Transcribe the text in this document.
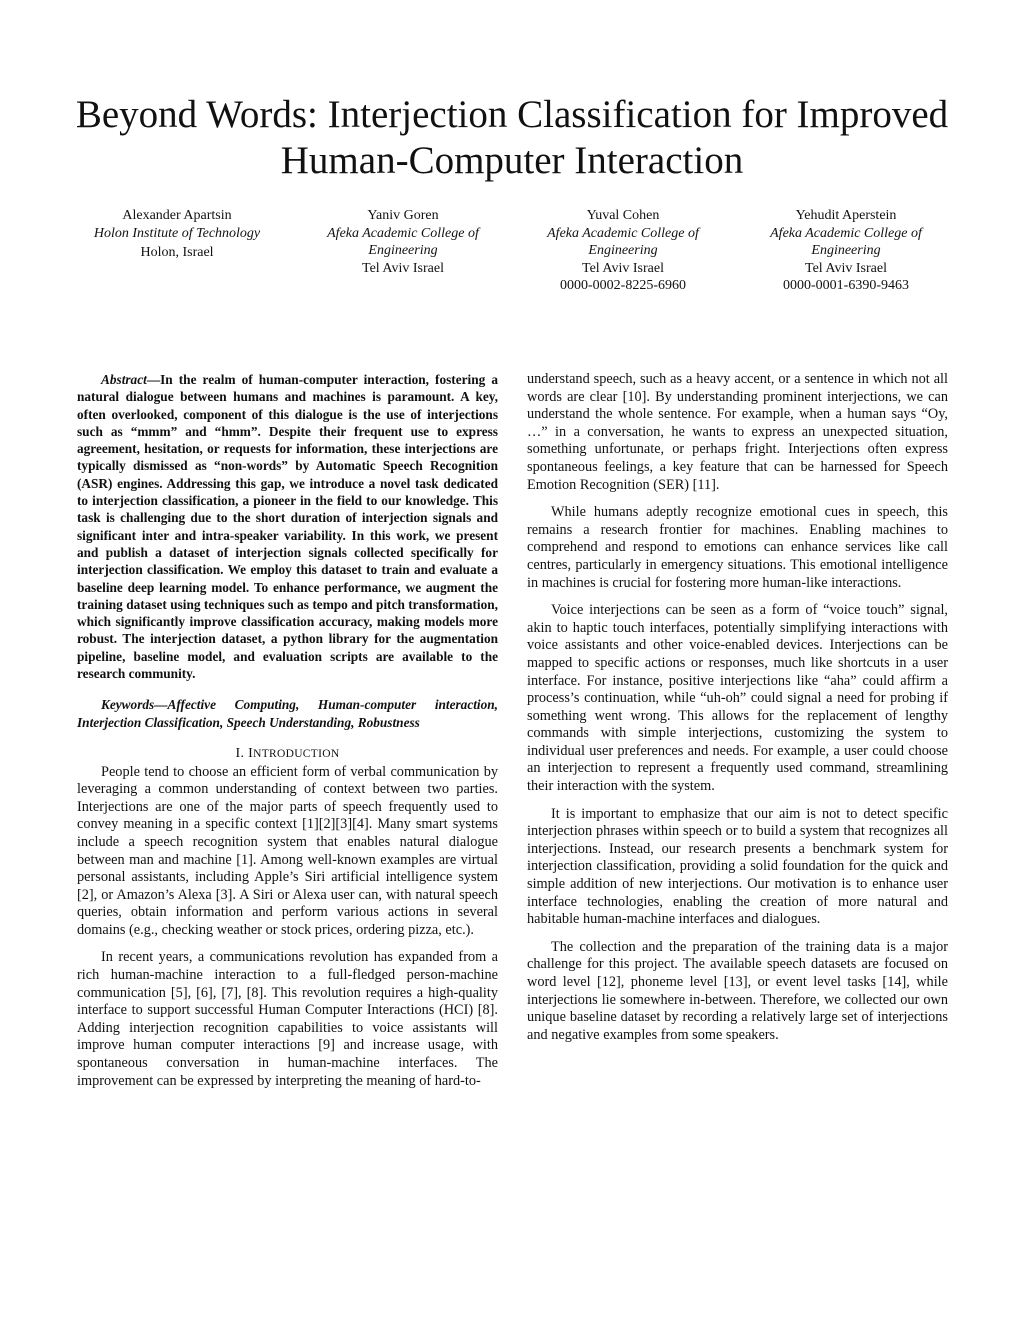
Beyond Words: Interjection Classification for Improved Human-Computer Interaction
Alexander Apartsin
Holon Institute of Technology
Holon, Israel
Yaniv Goren
Afeka Academic College of
Engineering
Tel Aviv Israel
Yuval Cohen
Afeka Academic College of
Engineering
Tel Aviv Israel
0000-0002-8225-6960
Yehudit Aperstein
Afeka Academic College of
Engineering
Tel Aviv Israel
0000-0001-6390-9463

Abstract—In the realm of human-computer interaction, fostering a natural dialogue between humans and machines is paramount. A key, often overlooked, component of this dialogue is the use of interjections such as “mmm” and “hmm”. Despite their frequent use to express agreement, hesitation, or requests for information, these interjections are typically dismissed as “non-words” by Automatic Speech Recognition (ASR) engines. Addressing this gap, we introduce a novel task dedicated to interjection classification, a pioneer in the field to our knowledge. This task is challenging due to the short duration of interjection signals and significant inter and intra-speaker variability. In this work, we present and publish a dataset of interjection signals collected specifically for interjection classification. We employ this dataset to train and evaluate a baseline deep learning model. To enhance performance, we augment the training dataset using techniques such as tempo and pitch transformation, which significantly improve classification accuracy, making models more robust. The interjection dataset, a python library for the augmentation pipeline, baseline model, and evaluation scripts are available to the research community.

Keywords—Affective Computing, Human-computer interaction, Interjection Classification, Speech Understanding, Robustness

I. INTRODUCTION

People tend to choose an efficient form of verbal communication by leveraging a common understanding of context between two parties. Interjections are one of the major parts of speech frequently used to convey meaning in a specific context [1][2][3][4]. Many smart systems include a speech recognition system that enables natural dialogue between man and machine [1]. Among well-known examples are virtual personal assistants, including Apple’s Siri artificial intelligence system [2], or Amazon’s Alexa [3]. A Siri or Alexa user can, with natural speech queries, obtain information and perform various actions in several domains (e.g., checking weather or stock prices, ordering pizza, etc.).

In recent years, a communications revolution has expanded from a rich human-machine interaction to a full-fledged person-machine communication [5], [6], [7], [8]. This revolution requires a high-quality interface to support successful Human Computer Interactions (HCI) [8]. Adding interjection recognition capabilities to voice assistants will improve human computer interactions [9] and increase usage, with spontaneous conversation in human-machine interfaces. The improvement can be expressed by interpreting the meaning of hard-to-

understand speech, such as a heavy accent, or a sentence in which not all words are clear [10]. By understanding prominent interjections, we can understand the whole sentence. For example, when a human says “Oy, …” in a conversation, he wants to express an unexpected situation, something unfortunate, or perhaps fright. Interjections often express spontaneous feelings, a key feature that can be harnessed for Speech Emotion Recognition (SER) [11].

While humans adeptly recognize emotional cues in speech, this remains a research frontier for machines. Enabling machines to comprehend and respond to emotions can enhance services like call centres, particularly in emergency situations. This emotional intelligence in machines is crucial for fostering more human-like interactions.

Voice interjections can be seen as a form of “voice touch” signal, akin to haptic touch interfaces, potentially simplifying interactions with voice assistants and other voice-enabled devices. Interjections can be mapped to specific actions or responses, much like shortcuts in a user interface. For instance, positive interjections like “aha” could affirm a process’s continuation, while “uh-oh” could signal a need for probing if something went wrong. This allows for the replacement of lengthy commands with simple interjections, customizing the system to individual user preferences and needs. For example, a user could choose an interjection to represent a frequently used command, streamlining their interaction with the system.

It is important to emphasize that our aim is not to detect specific interjection phrases within speech or to build a system that recognizes all interjections. Instead, our research presents a benchmark system for interjection classification, providing a solid foundation for the quick and simple addition of new interjections. Our motivation is to enhance user interface technologies, enabling the creation of more natural and habitable human-machine interfaces and dialogues.

The collection and the preparation of the training data is a major challenge for this project. The available speech datasets are focused on word level [12], phoneme level [13], or event level tasks [14], while interjections lie somewhere in-between. Therefore, we collected our own unique baseline dataset by recording a relatively large set of interjections and negative examples from some speakers.
